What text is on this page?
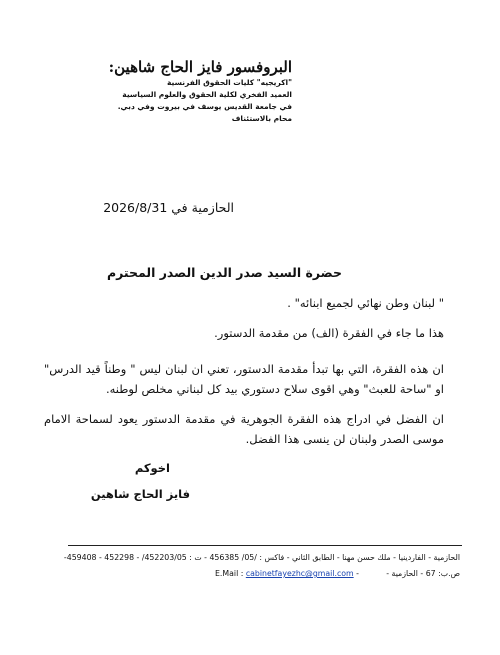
البروفسور فايز الحاج شاهين:
"اكريجيه" كليات الحقوق الفرنسية
العميد الفخري لكلية الحقوق والعلوم السياسية
في جامعة القديس يوسف في بيروت وفي دبي.
محام بالاستئناف
الحازمية في 2026/8/31
حضرة السيد صدر الدين الصدر المحترم
" لبنان وطن نهائي لجميع ابنائه" .
هذا ما جاء في الفقرة (الف) من مقدمة الدستور.
ان هذه الفقرة، التي بها تبدأ مقدمة الدستور، تعني ان لبنان ليس " وطناً قيد الدرس" او "ساحة للعبث" وهي اقوى سلاح دستوري بيد كل لبناني مخلص لوطنه.
ان الفضل في ادراج هذه الفقرة الجوهرية في مقدمة الدستور يعود لسماحة الامام موسى الصدر ولبنان لن ينسى هذا الفضل.
اخوكم
فايز الحاج شاهين
الحازمية - الفاردينيا - ملك حسن مهنا - الطابق الثاني - فاكس : /05/ 456385 - ت : 452203/05/ - 452298 - 459408-
E.Mail : cabinetfayezhc@gmail.com -	ص.ب: 67 - الحازمية -
